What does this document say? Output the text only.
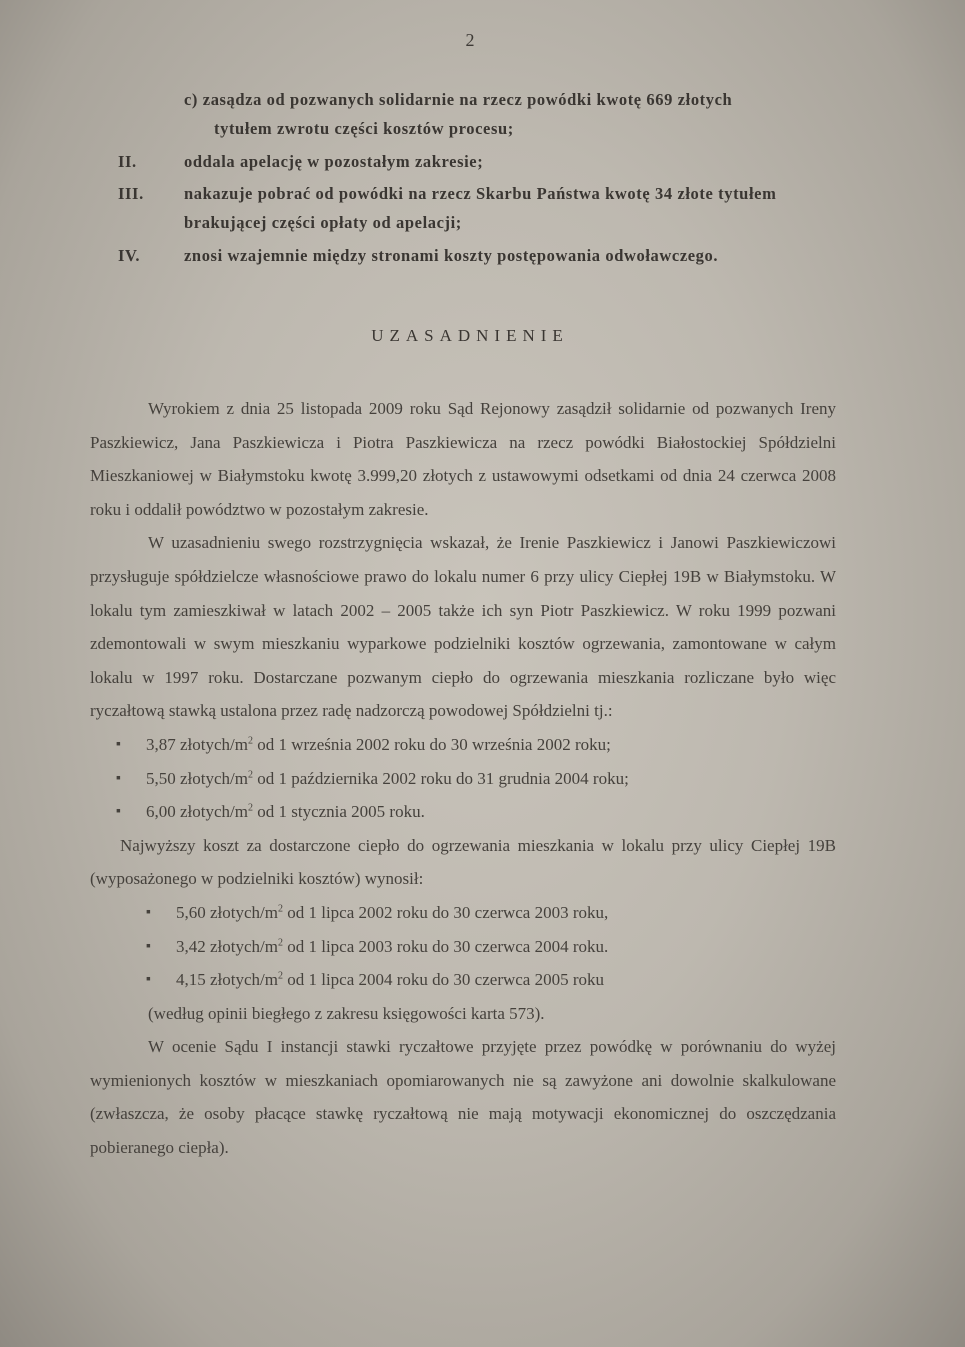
2
c) zasądza od pozwanych solidarnie na rzecz powódki kwotę 669 złotych
tytułem zwrotu części kosztów procesu;
II.	oddala apelację w pozostałym zakresie;
III.	nakazuje pobrać od powódki na rzecz Skarbu Państwa kwotę 34 złote tytułem
brakującej części opłaty od apelacji;
IV.	znosi wzajemnie między stronami koszty postępowania odwoławczego.
UZASADNIENIE

Wyrokiem z dnia 25 listopada 2009 roku Sąd Rejonowy zasądził solidarnie od pozwanych Ireny Paszkiewicz, Jana Paszkiewicza i Piotra Paszkiewicza na rzecz powódki Białostockiej Spółdzielni Mieszkaniowej w Białymstoku kwotę 3.999,20 złotych z ustawowymi odsetkami od dnia 24 czerwca 2008 roku i oddalił powództwo w pozostałym zakresie.

W uzasadnieniu swego rozstrzygnięcia wskazał, że Irenie Paszkiewicz i Janowi Paszkiewiczowi przysługuje spółdzielcze własnościowe prawo do lokalu numer 6 przy ulicy Ciepłej 19B w Białymstoku. W lokalu tym zamieszkiwał w latach 2002 – 2005 także ich syn Piotr Paszkiewicz. W roku 1999 pozwani zdemontowali w swym mieszkaniu wyparkowe podzielniki kosztów ogrzewania, zamontowane w całym lokalu w 1997 roku. Dostarczane pozwanym ciepło do ogrzewania mieszkania rozliczane było więc ryczałtową stawką ustalona przez radę nadzorczą powodowej Spółdzielni tj.:

▪ 3,87 złotych/$m^2$ od 1 września 2002 roku do 30 września 2002 roku;
▪ 5,50 złotych/$m^2$ od 1 października 2002 roku do 31 grudnia 2004 roku;
▪ 6,00 złotych/$m^2$ od 1 stycznia 2005 roku.

Najwyższy koszt za dostarczone ciepło do ogrzewania mieszkania w lokalu przy ulicy Ciepłej 19B (wyposażonego w podzielniki kosztów) wynosił:

▪ 5,60 złotych/$m^2$ od 1 lipca 2002 roku do 30 czerwca 2003 roku,
▪ 3,42 złotych/$m^2$ od 1 lipca 2003 roku do 30 czerwca 2004 roku.
▪ 4,15 złotych/$m^2$ od 1 lipca 2004 roku do 30 czerwca 2005 roku
(według opinii biegłego z zakresu księgowości karta 573).

W ocenie Sądu I instancji stawki ryczałtowe przyjęte przez powódkę w porównaniu do wyżej wymienionych kosztów w mieszkaniach opomiarowanych nie są zawyżone ani dowolnie skalkulowane (zwłaszcza, że osoby płacące stawkę ryczałtową nie mają motywacji ekonomicznej do oszczędzania pobieranego ciepła).
